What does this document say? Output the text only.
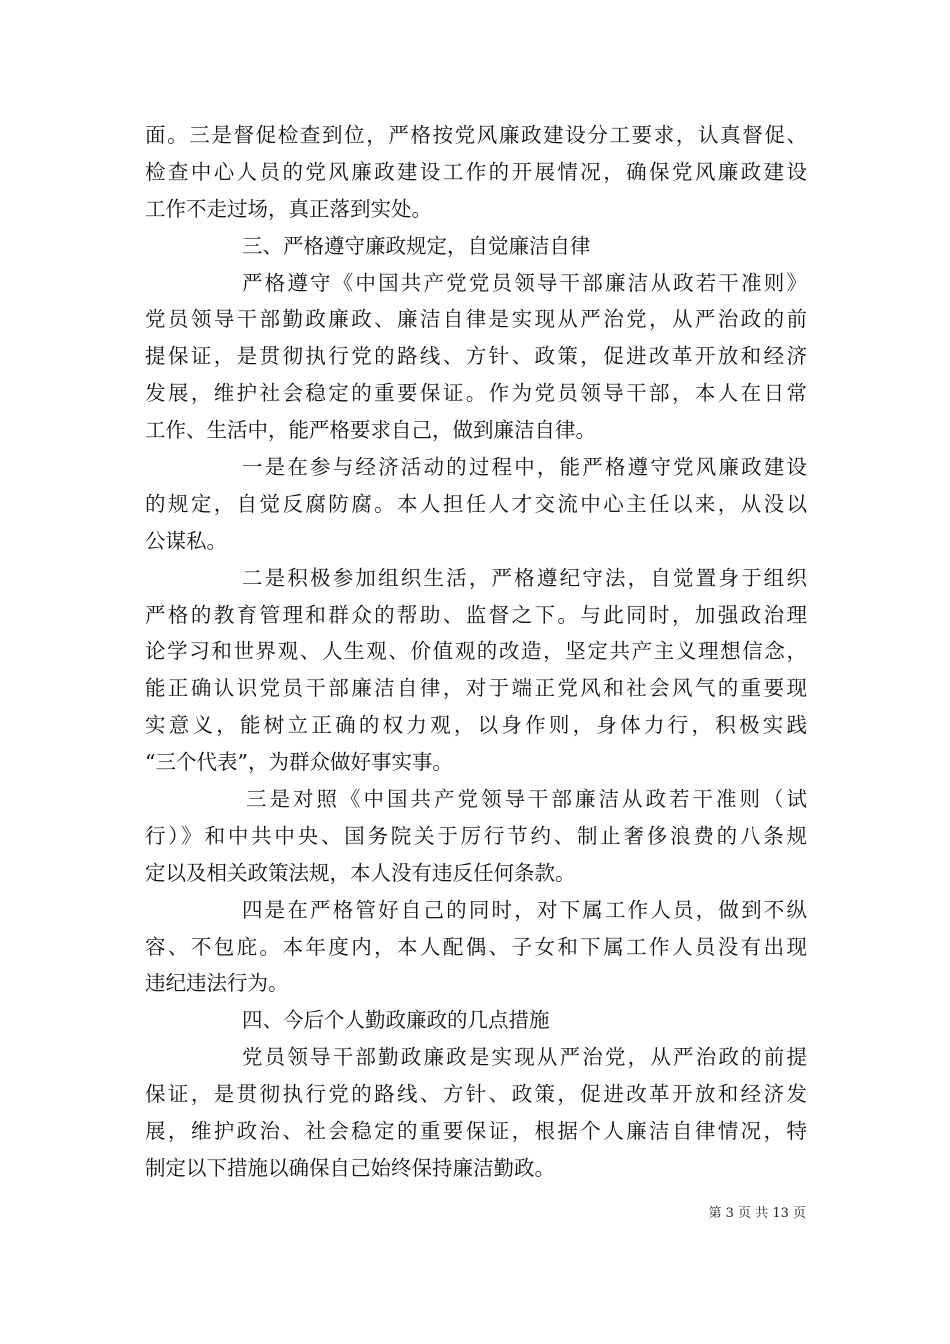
面。三是督促检查到位，严格按党风廉政建设分工要求，认真督促、
检查中心人员的党风廉政建设工作的开展情况，确保党风廉政建设
工作不走过场，真正落到实处。
三、严格遵守廉政规定，自觉廉洁自律
严格遵守《中国共产党党员领导干部廉洁从政若干准则》
党员领导干部勤政廉政、廉洁自律是实现从严治党，从严治政的前
提保证，是贯彻执行党的路线、方针、政策，促进改革开放和经济
发展，维护社会稳定的重要保证。作为党员领导干部，本人在日常
工作、生活中，能严格要求自己，做到廉洁自律。
一是在参与经济活动的过程中，能严格遵守党风廉政建设
的规定，自觉反腐防腐。本人担任人才交流中心主任以来，从没以
公谋私。
二是积极参加组织生活，严格遵纪守法，自觉置身于组织
严格的教育管理和群众的帮助、监督之下。与此同时，加强政治理
论学习和世界观、人生观、价值观的改造，坚定共产主义理想信念，
能正确认识党员干部廉洁自律，对于端正党风和社会风气的重要现
实意义，能树立正确的权力观，以身作则，身体力行，积极实践
“三个代表”，为群众做好事实事。
三是对照《中国共产党领导干部廉洁从政若干准则（试
行）》和中共中央、国务院关于厉行节约、制止奢侈浪费的八条规
定以及相关政策法规，本人没有违反任何条款。
四是在严格管好自己的同时，对下属工作人员，做到不纵
容、不包庇。本年度内，本人配偶、子女和下属工作人员没有出现
违纪违法行为。
四、今后个人勤政廉政的几点措施
党员领导干部勤政廉政是实现从严治党，从严治政的前提
保证，是贯彻执行党的路线、方针、政策，促进改革开放和经济发
展，维护政治、社会稳定的重要保证，根据个人廉洁自律情况，特
制定以下措施以确保自己始终保持廉洁勤政。
第 3 页 共 13 页
